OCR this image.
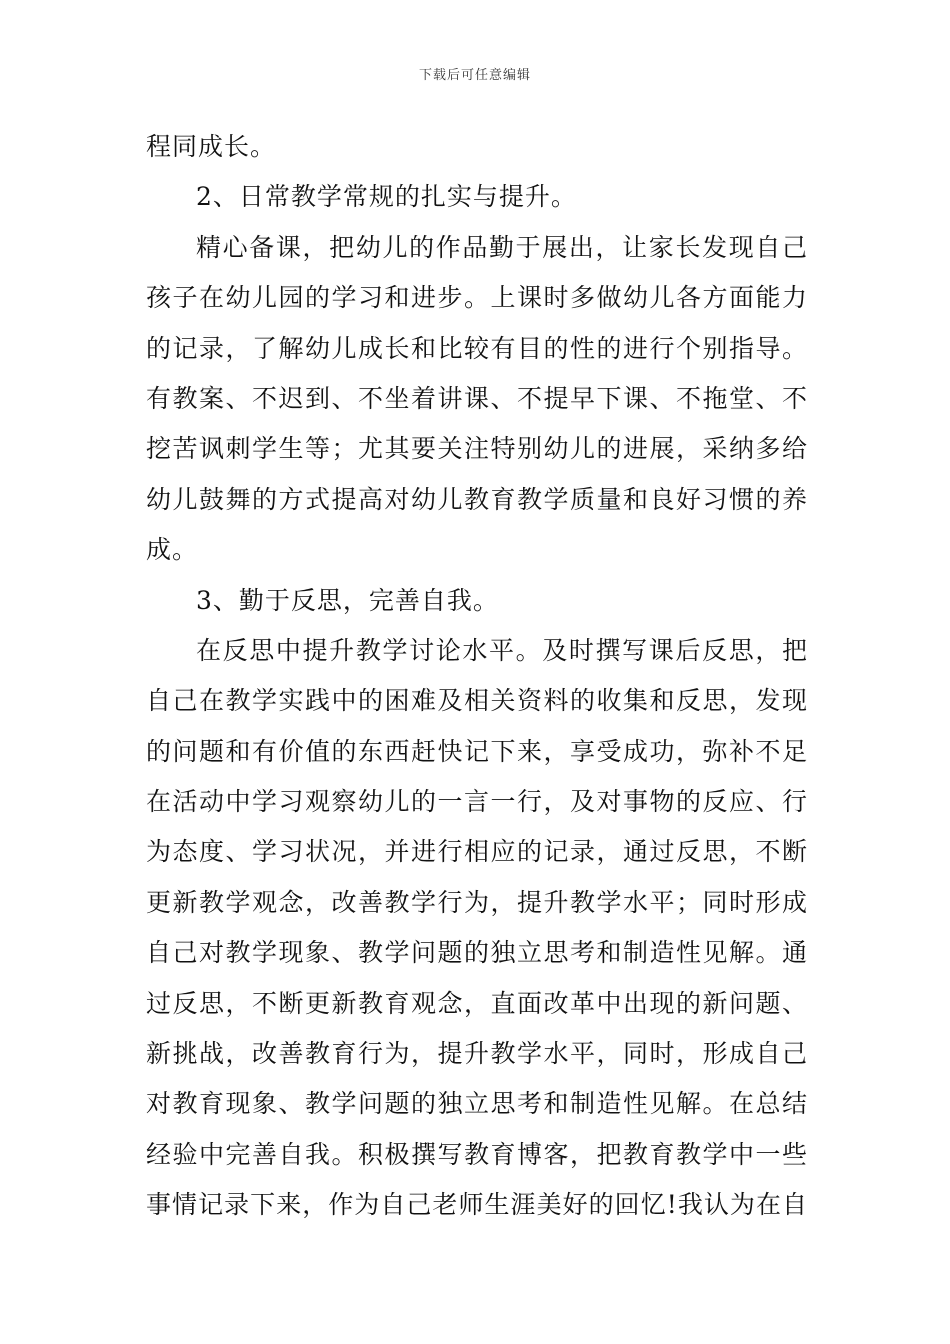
下载后可任意编辑
程同成长。
2、日常教学常规的扎实与提升。
精心备课，把幼儿的作品勤于展出，让家长发现自己
孩子在幼儿园的学习和进步。上课时多做幼儿各方面能力
的记录，了解幼儿成长和比较有目的性的进行个别指导。
有教案、不迟到、不坐着讲课、不提早下课、不拖堂、不
挖苦讽刺学生等；尤其要关注特别幼儿的进展，采纳多给
幼儿鼓舞的方式提高对幼儿教育教学质量和良好习惯的养
成。
3、勤于反思，完善自我。
在反思中提升教学讨论水平。及时撰写课后反思，把
自己在教学实践中的困难及相关资料的收集和反思，发现
的问题和有价值的东西赶快记下来，享受成功，弥补不足
在活动中学习观察幼儿的一言一行，及对事物的反应、行
为态度、学习状况，并进行相应的记录，通过反思，不断
更新教学观念，改善教学行为，提升教学水平；同时形成
自己对教学现象、教学问题的独立思考和制造性见解。通
过反思，不断更新教育观念，直面改革中出现的新问题、
新挑战，改善教育行为，提升教学水平，同时，形成自己
对教育现象、教学问题的独立思考和制造性见解。在总结
经验中完善自我。积极撰写教育博客，把教育教学中一些
事情记录下来，作为自己老师生涯美好的回忆!我认为在自
